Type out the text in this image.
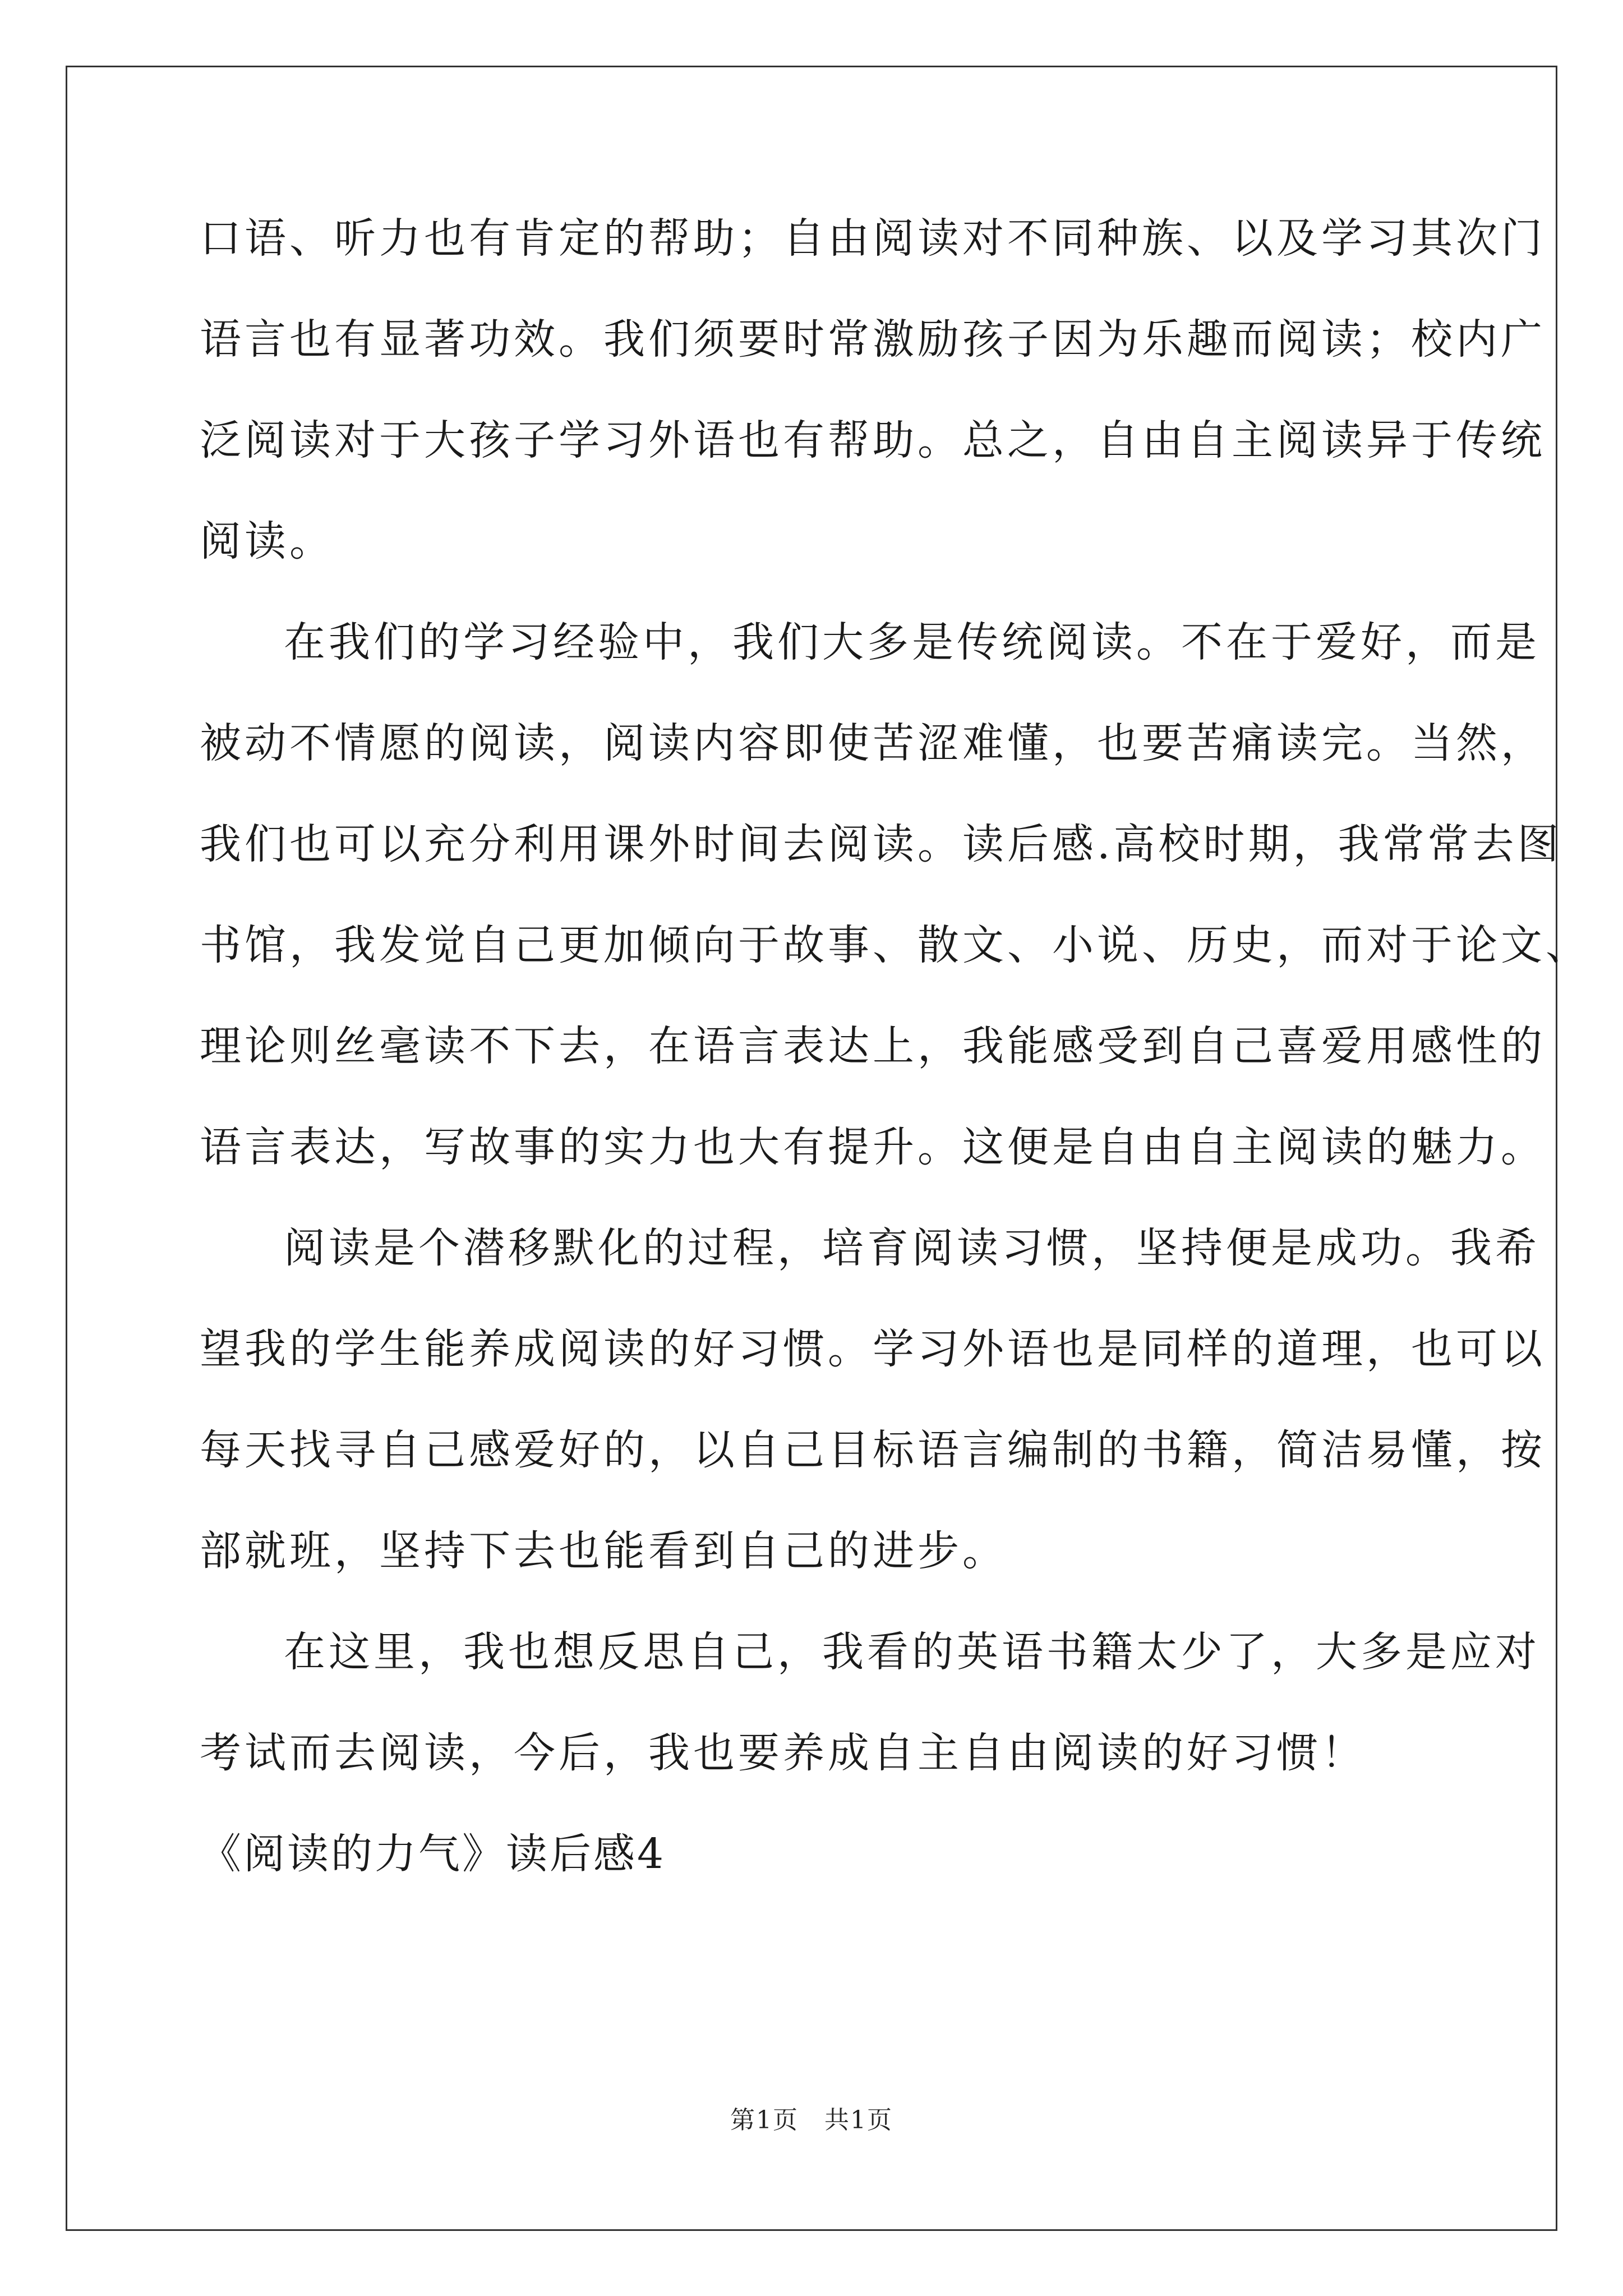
口语、听力也有肯定的帮助；自由阅读对不同种族、以及学习其次门
语言也有显著功效。我们须要时常激励孩子因为乐趣而阅读；校内广
泛阅读对于大孩子学习外语也有帮助。总之，自由自主阅读异于传统
阅读。
在我们的学习经验中，我们大多是传统阅读。不在于爱好，而是
被动不情愿的阅读，阅读内容即使苦涩难懂，也要苦痛读完。当然，
我们也可以充分利用课外时间去阅读。读后感.高校时期，我常常去图
书馆，我发觉自己更加倾向于故事、散文、小说、历史，而对于论文、
理论则丝毫读不下去，在语言表达上，我能感受到自己喜爱用感性的
语言表达，写故事的实力也大有提升。这便是自由自主阅读的魅力。
阅读是个潜移默化的过程，培育阅读习惯，坚持便是成功。我希
望我的学生能养成阅读的好习惯。学习外语也是同样的道理，也可以
每天找寻自己感爱好的，以自己目标语言编制的书籍，简洁易懂，按
部就班，坚持下去也能看到自己的进步。
在这里，我也想反思自己，我看的英语书籍太少了，大多是应对
考试而去阅读，今后，我也要养成自主自由阅读的好习惯！
《阅读的力气》读后感4
第1页　共1页
